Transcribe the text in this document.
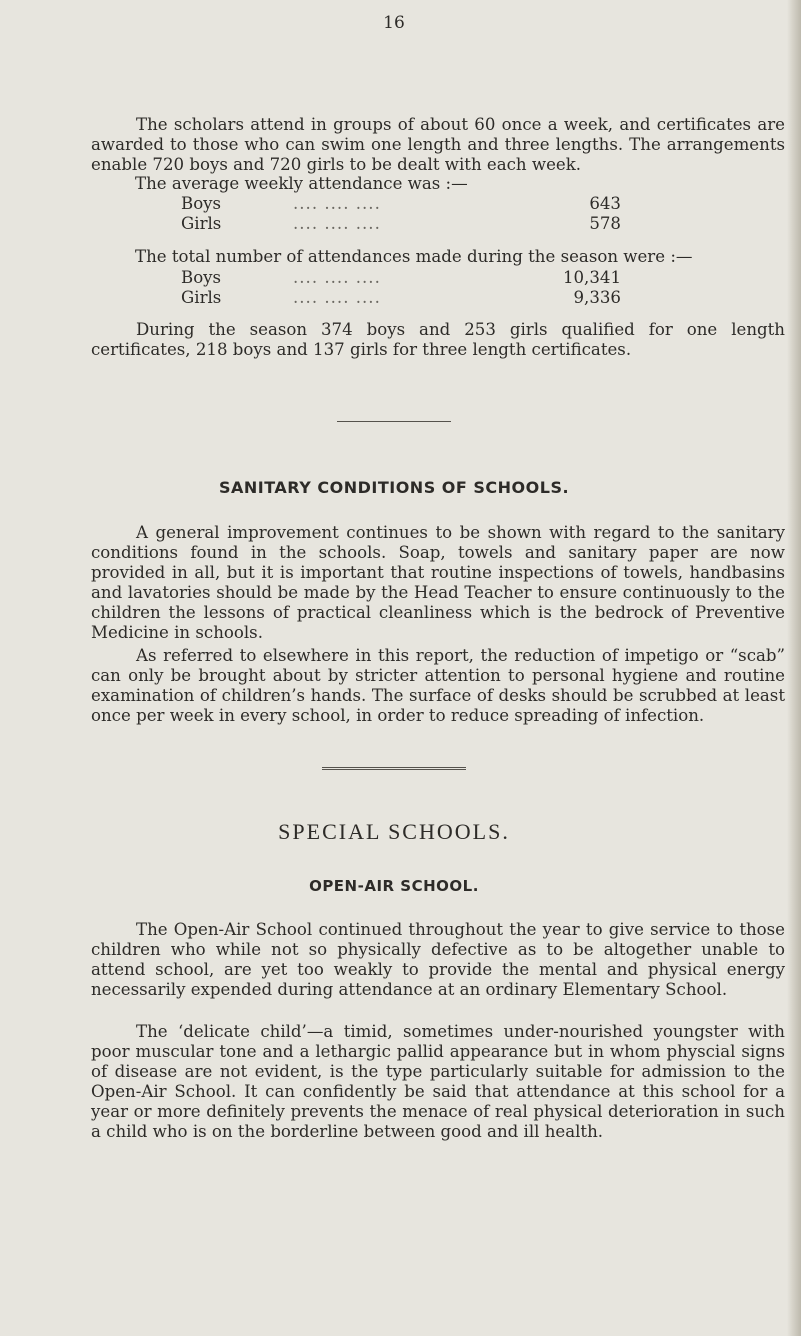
16

The scholars attend in groups of about 60 once a week, and certificates are awarded to those who can swim one length and three lengths. The arrangements enable 720 boys and 720 girls to be dealt with each week.

The average weekly attendance was :—
Boys	.... .... ....	643
Girls	.... .... ....	578
The total number of attendances made during the season were :—
Boys	.... .... ....	10,341
Girls	.... .... ....	9,336

During the season 374 boys and 253 girls qualified for one length certificates, 218 boys and 137 girls for three length certificates.

SANITARY CONDITIONS OF SCHOOLS.

A general improvement continues to be shown with regard to the sanitary conditions found in the schools. Soap, towels and sanitary paper are now provided in all, but it is important that routine inspections of towels, handbasins and lavatories should be made by the Head Teacher to ensure continuously to the children the lessons of practical cleanliness which is the bedrock of Preventive Medicine in schools.

As referred to elsewhere in this report, the reduction of impetigo or “scab” can only be brought about by stricter attention to personal hygiene and routine examination of children’s hands. The surface of desks should be scrubbed at least once per week in every school, in order to reduce spreading of infection.

SPECIAL SCHOOLS.
OPEN-AIR SCHOOL.

The Open-Air School continued throughout the year to give service to those children who while not so physically defective as to be altogether unable to attend school, are yet too weakly to provide the mental and physical energy necessarily expended during attendance at an ordinary Elementary School.

The ‘delicate child’—a timid, sometimes under-nourished youngster with poor muscular tone and a lethargic pallid appearance but in whom physcial signs of disease are not evident, is the type particularly suitable for admission to the Open-Air School. It can confidently be said that attendance at this school for a year or more definitely prevents the menace of real physical deterioration in such a child who is on the borderline between good and ill health.
